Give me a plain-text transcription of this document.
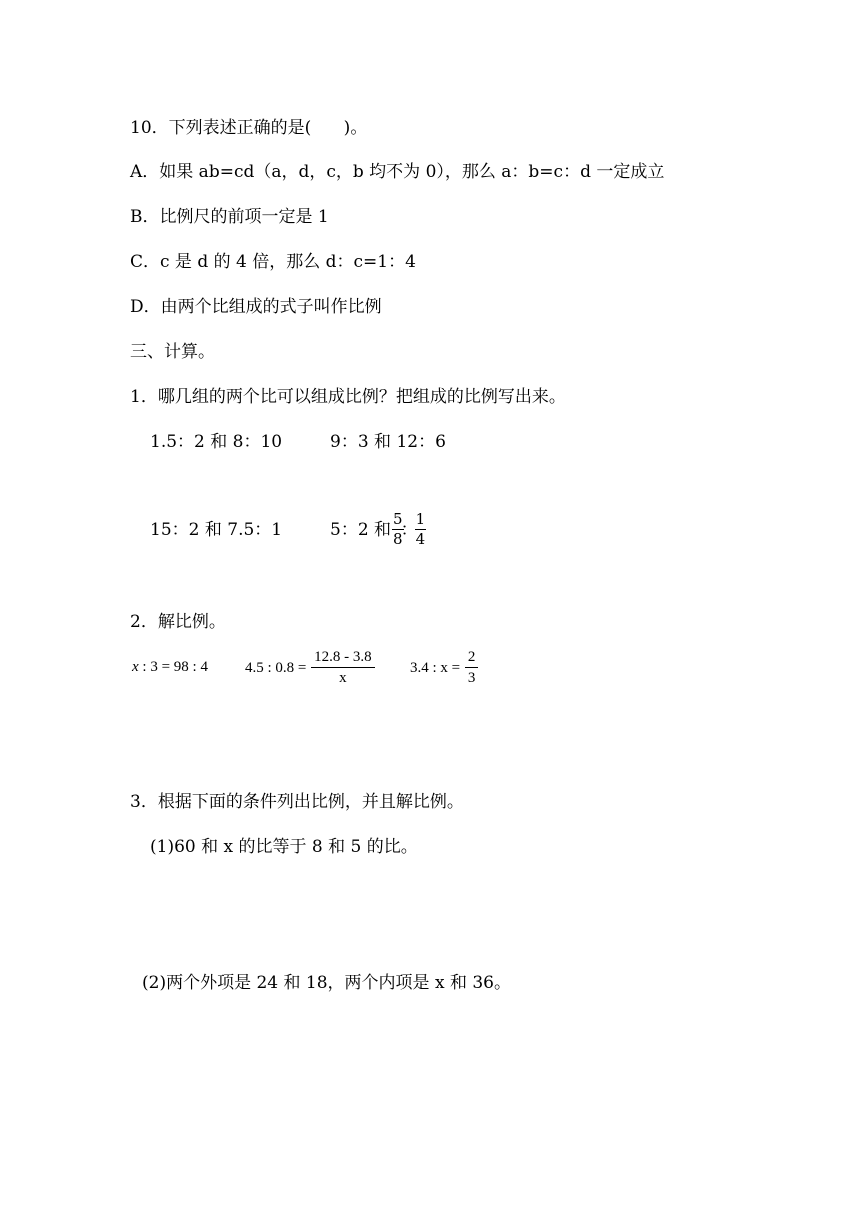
10．下列表述正确的是(      )。
A．如果 ab=cd（a，d，c，b 均不为 0），那么 a：b=c：d 一定成立
B．比例尺的前项一定是 1
C．c 是 d 的 4 倍，那么 d：c=1：4
D．由两个比组成的式子叫作比例
三、计算。
1．哪几组的两个比可以组成比例？把组成的比例写出来。
1.5：2 和 8：10	9：3 和 12：6
15：2 和 7.5：1	5：2 和 $\frac{5}{8}$
：
$\frac{1}{4}$
2．解比例。
x : 3 = 98 : 4 4.5 : $0.8 = \frac{12.8 - 3.8}{x} 3.4$ : $x = \frac{2}{3}$
3．根据下面的条件列出比例，并且解比例。
(1)60 和 x 的比等于 8 和 5 的比。
(2)两个外项是 24 和 18，两个内项是 x 和 36。
